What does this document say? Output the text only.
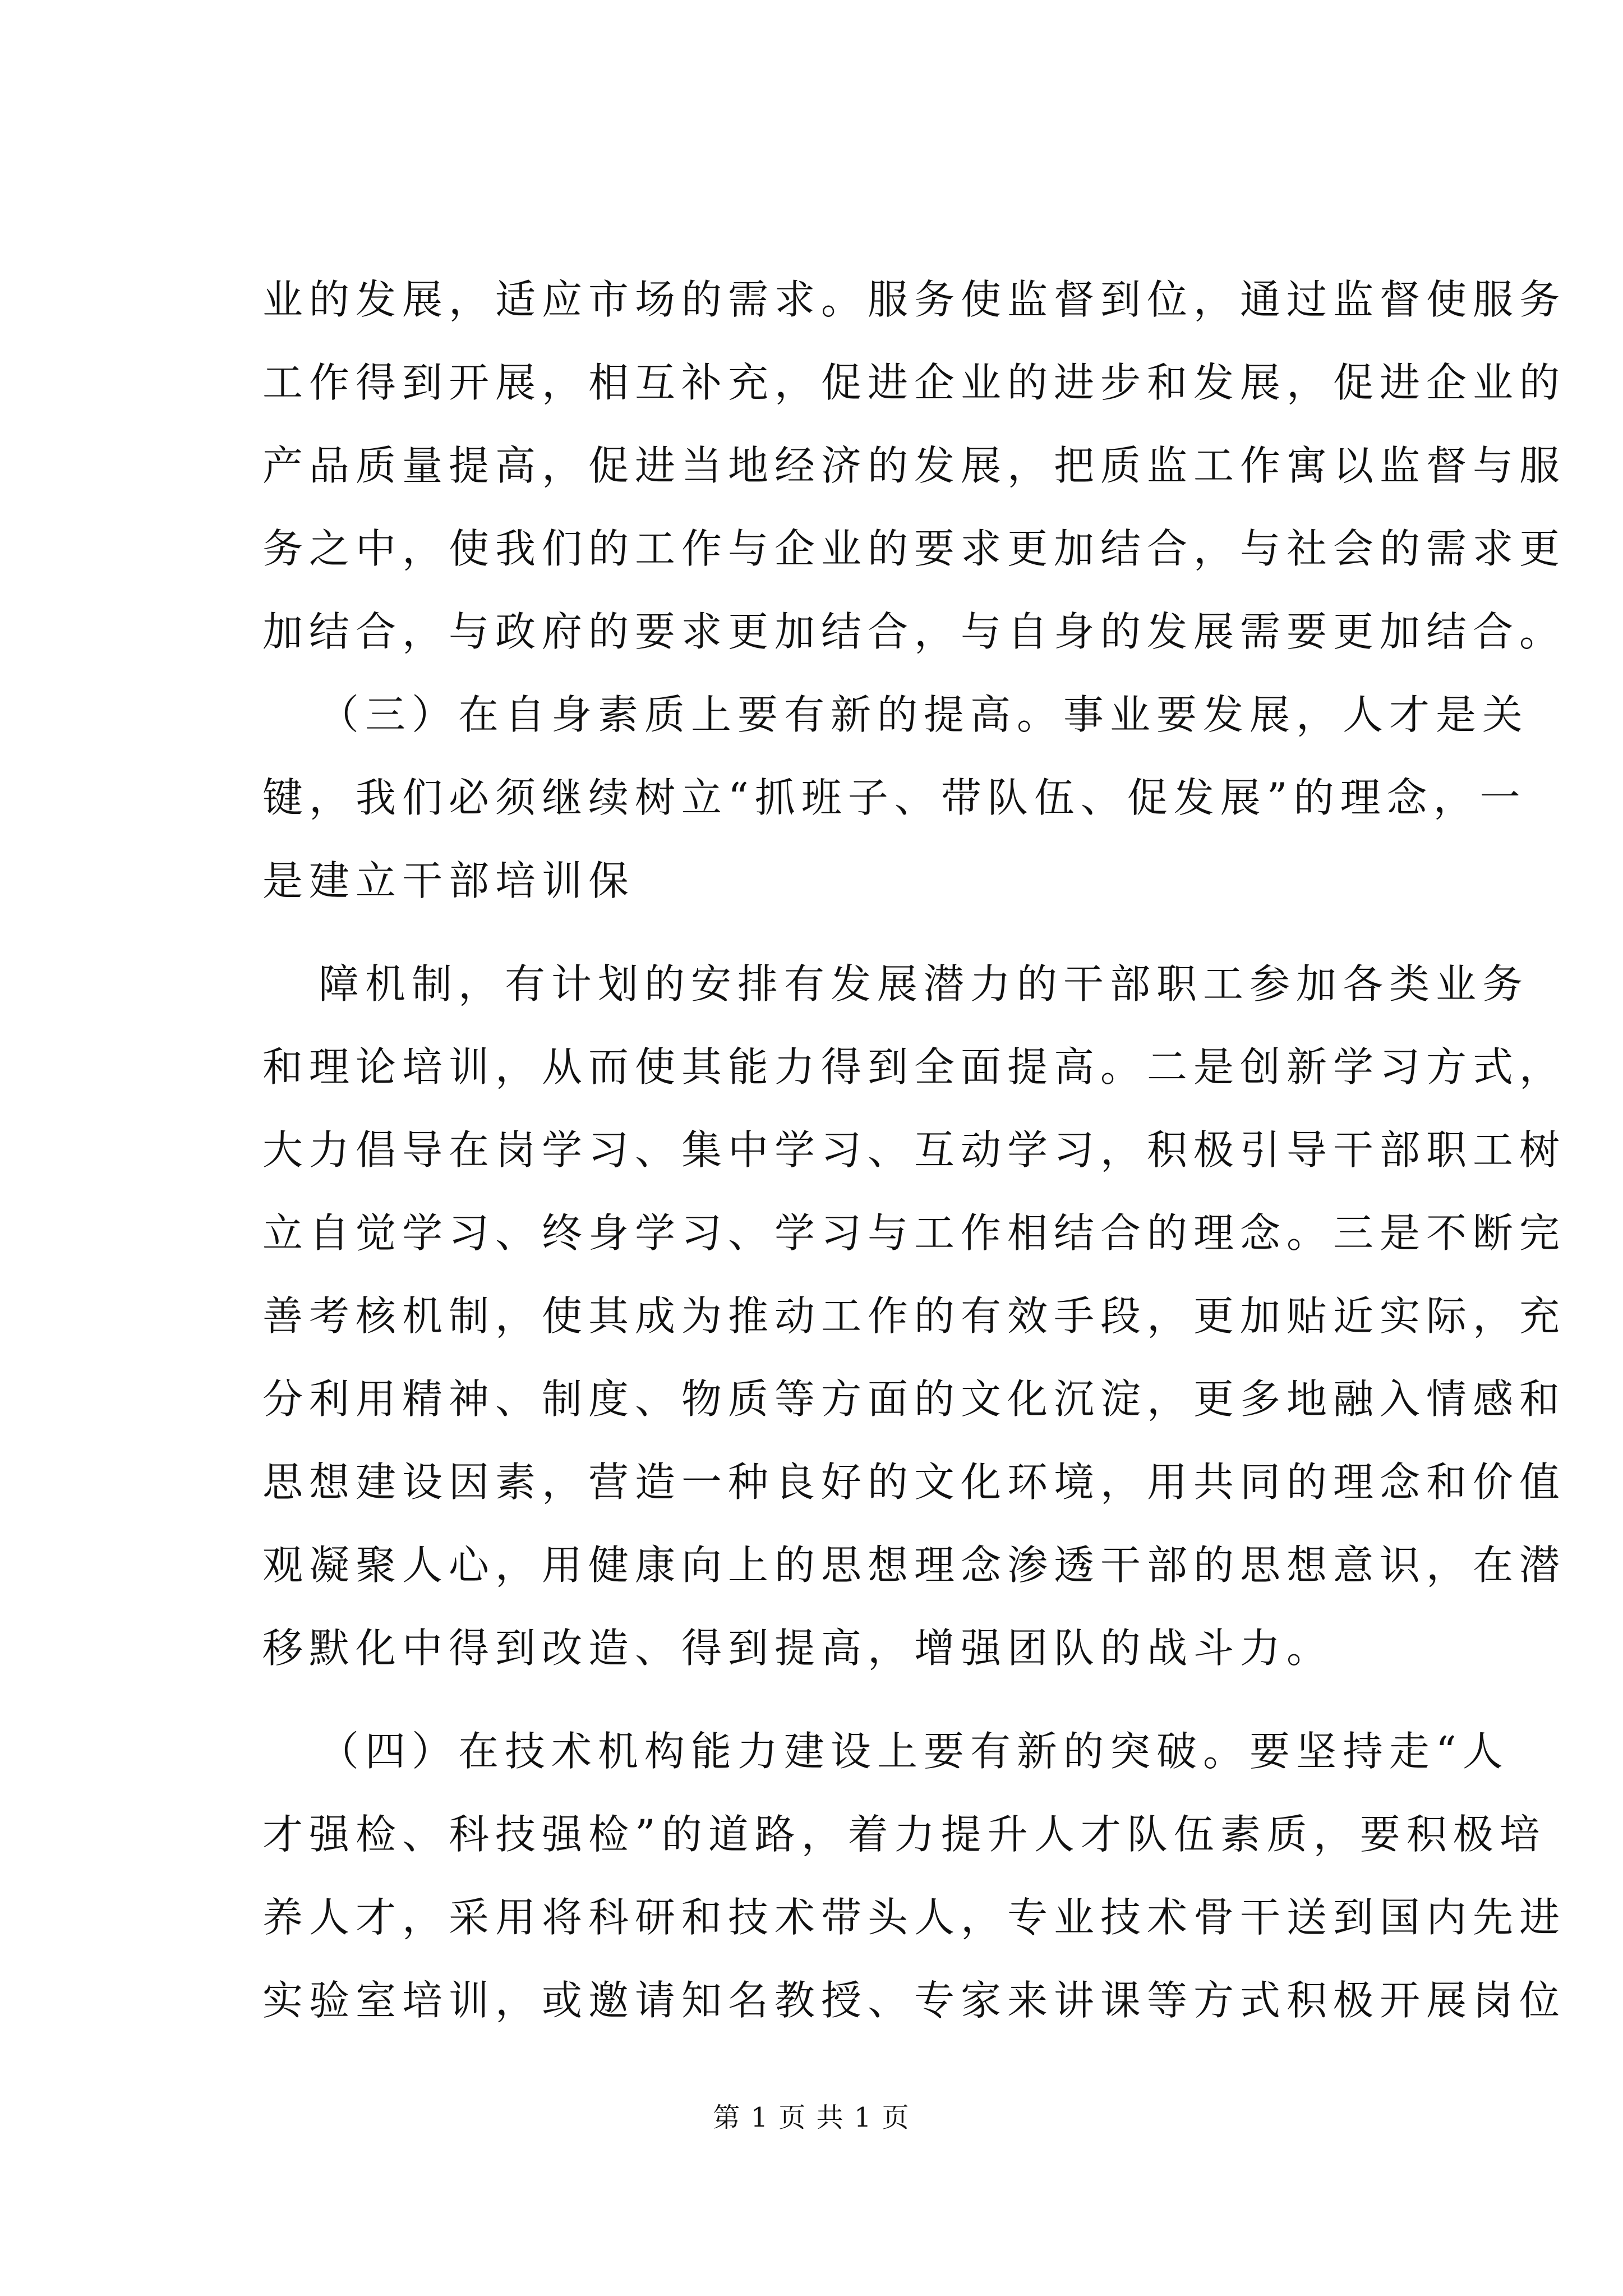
业的发展，适应市场的需求。服务使监督到位，通过监督使服务
工作得到开展，相互补充，促进企业的进步和发展，促进企业的
产品质量提高，促进当地经济的发展，把质监工作寓以监督与服
务之中，使我们的工作与企业的要求更加结合，与社会的需求更
加结合，与政府的要求更加结合，与自身的发展需要更加结合。
（三）在自身素质上要有新的提高。事业要发展，人才是关
键，我们必须继续树立“抓班子、带队伍、促发展”的理念，一
是建立干部培训保
障机制，有计划的安排有发展潜力的干部职工参加各类业务
和理论培训，从而使其能力得到全面提高。二是创新学习方式，
大力倡导在岗学习、集中学习、互动学习，积极引导干部职工树
立自觉学习、终身学习、学习与工作相结合的理念。三是不断完
善考核机制，使其成为推动工作的有效手段，更加贴近实际，充
分利用精神、制度、物质等方面的文化沉淀，更多地融入情感和
思想建设因素，营造一种良好的文化环境，用共同的理念和价值
观凝聚人心，用健康向上的思想理念渗透干部的思想意识，在潜
移默化中得到改造、得到提高，增强团队的战斗力。
（四）在技术机构能力建设上要有新的突破。要坚持走“人
才强检、科技强检”的道路，着力提升人才队伍素质，要积极培
养人才，采用将科研和技术带头人，专业技术骨干送到国内先进
实验室培训，或邀请知名教授、专家来讲课等方式积极开展岗位
第 1 页 共 1 页
